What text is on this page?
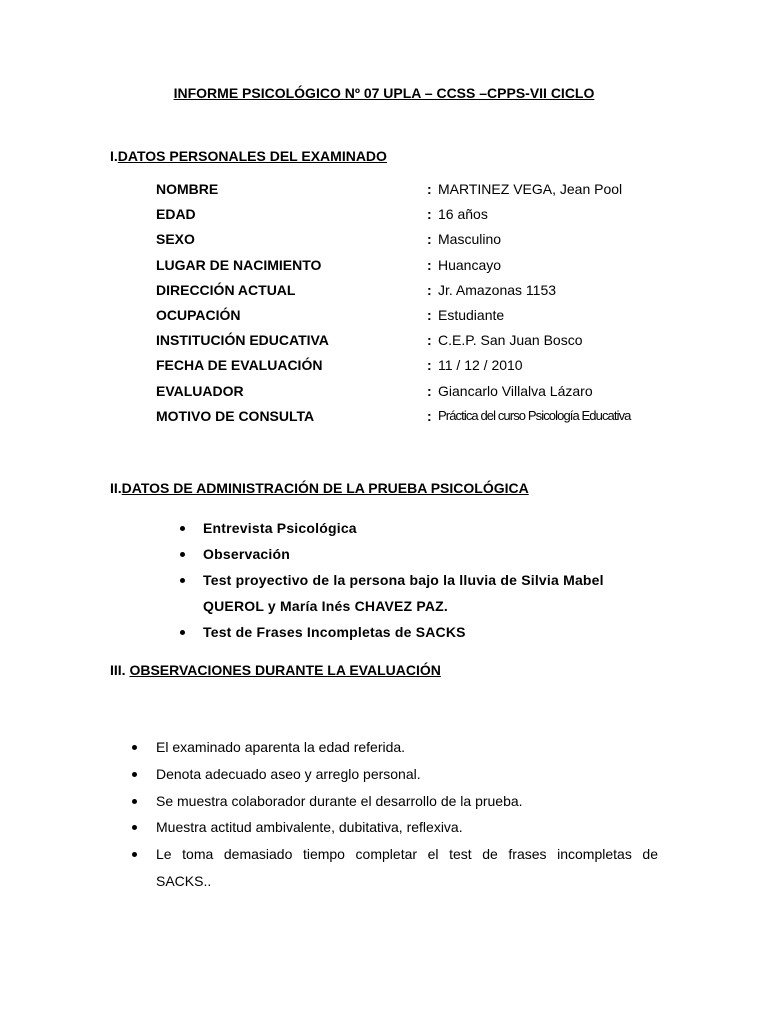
INFORME PSICOLÓGICO Nº 07 UPLA – CCSS –CPPS-VII CICLO
I.DATOS PERSONALES DEL EXAMINADO
NOMBRE	: MARTINEZ VEGA, Jean Pool
EDAD	: 16 años
SEXO	: Masculino
LUGAR DE NACIMIENTO	: Huancayo
DIRECCIÓN ACTUAL	: Jr. Amazonas 1153
OCUPACIÓN	: Estudiante
INSTITUCIÓN EDUCATIVA	: C.E.P. San Juan Bosco
FECHA DE EVALUACIÓN	: 11 / 12 / 2010
EVALUADOR	: Giancarlo Villalva Lázaro
MOTIVO DE CONSULTA	: Práctica del curso Psicología Educativa
II.DATOS DE ADMINISTRACIÓN DE LA PRUEBA PSICOLÓGICA
Entrevista Psicológica
Observación
Test proyectivo de la persona bajo la lluvia de Silvia Mabel QUEROL y María Inés CHAVEZ PAZ.
Test de Frases Incompletas de SACKS
III. OBSERVACIONES DURANTE LA EVALUACIÓN
El examinado aparenta la edad referida.
Denota adecuado aseo y arreglo personal.
Se muestra colaborador durante el desarrollo de la prueba.
Muestra actitud ambivalente, dubitativa, reflexiva.
Le toma demasiado tiempo completar el test de frases incompletas de SACKS..
